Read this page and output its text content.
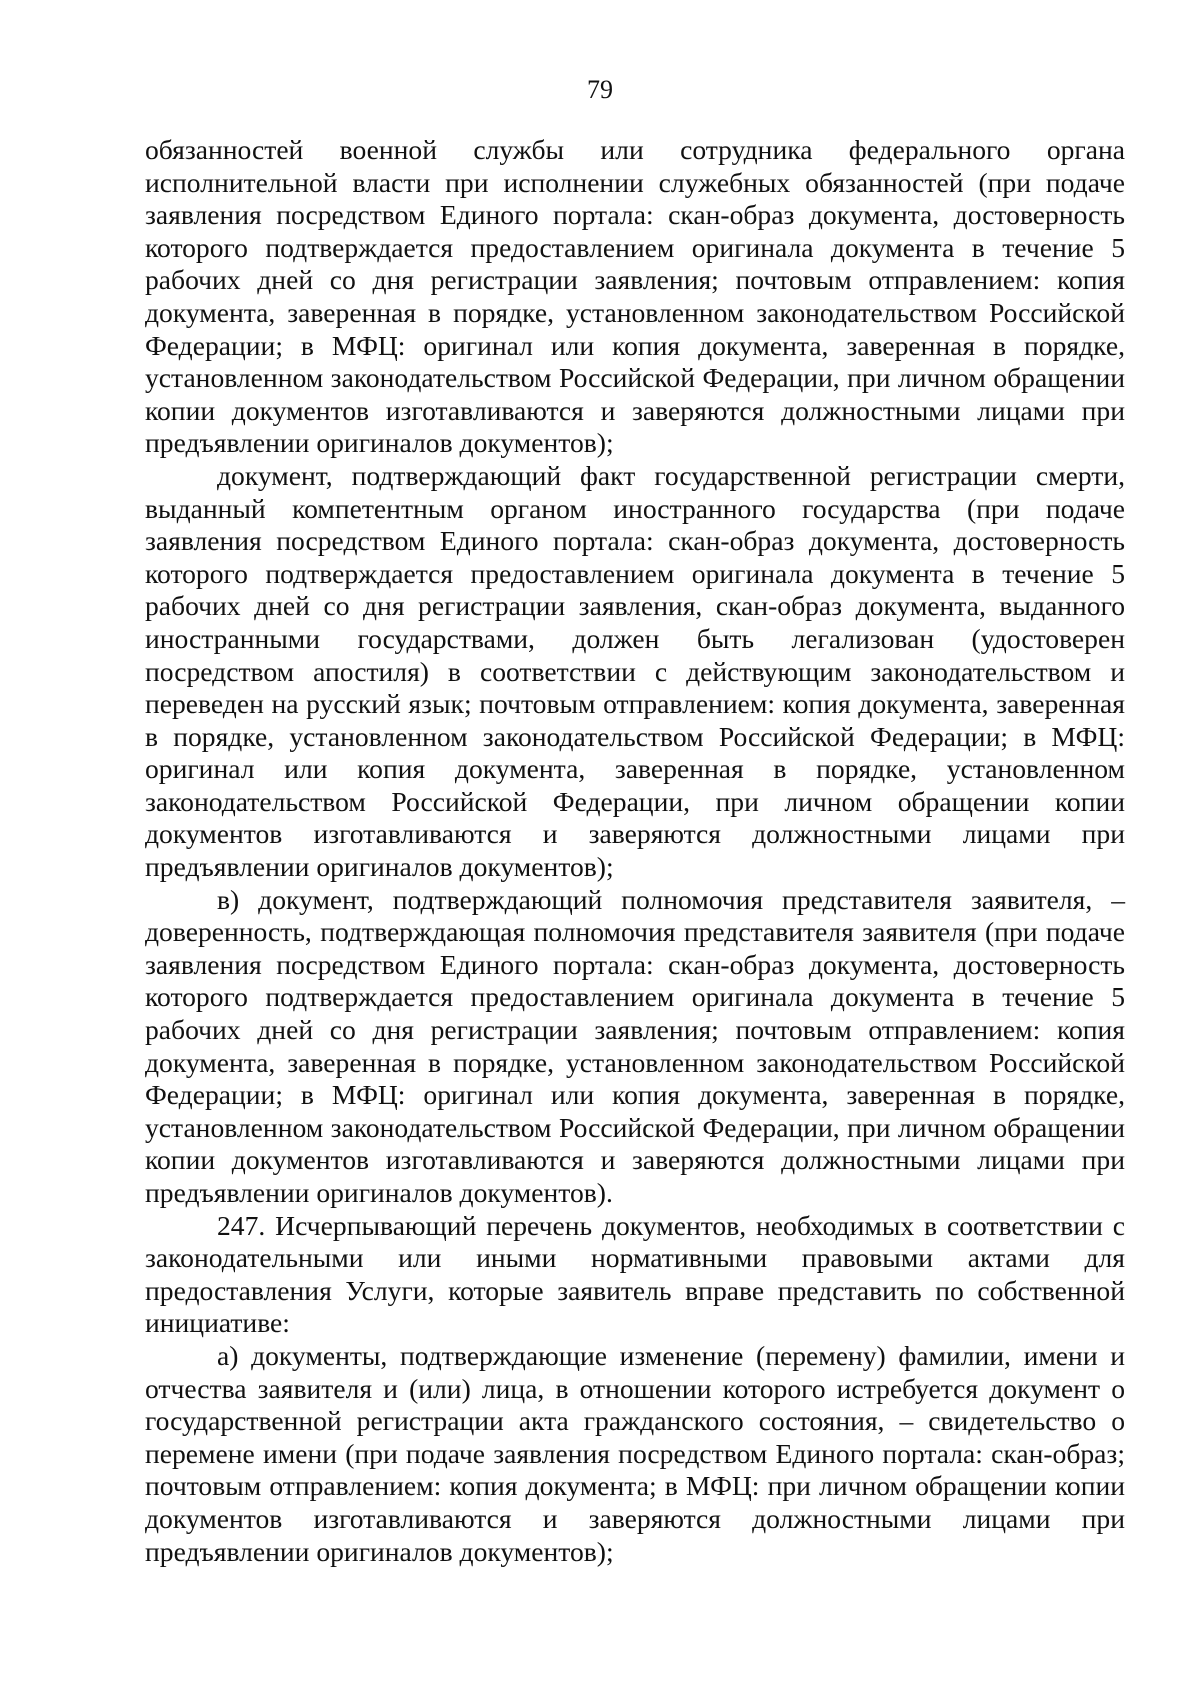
79

обязанностей военной службы или сотрудника федерального органа исполнительной власти при исполнении служебных обязанностей (при подаче заявления посредством Единого портала: скан-образ документа, достоверность которого подтверждается предоставлением оригинала документа в течение 5 рабочих дней со дня регистрации заявления; почтовым отправлением: копия документа, заверенная в порядке, установленном законодательством Российской Федерации; в МФЦ: оригинал или копия документа, заверенная в порядке, установленном законодательством Российской Федерации, при личном обращении копии документов изготавливаются и заверяются должностными лицами при предъявлении оригиналов документов);

документ, подтверждающий факт государственной регистрации смерти, выданный компетентным органом иностранного государства (при подаче заявления посредством Единого портала: скан-образ документа, достоверность которого подтверждается предоставлением оригинала документа в течение 5 рабочих дней со дня регистрации заявления, скан-образ документа, выданного иностранными государствами, должен быть легализован (удостоверен посредством апостиля) в соответствии с действующим законодательством и переведен на русский язык; почтовым отправлением: копия документа, заверенная в порядке, установленном законодательством Российской Федерации; в МФЦ: оригинал или копия документа, заверенная в порядке, установленном законодательством Российской Федерации, при личном обращении копии документов изготавливаются и заверяются должностными лицами при предъявлении оригиналов документов);

в) документ, подтверждающий полномочия представителя заявителя, – доверенность, подтверждающая полномочия представителя заявителя (при подаче заявления посредством Единого портала: скан-образ документа, достоверность которого подтверждается предоставлением оригинала документа в течение 5 рабочих дней со дня регистрации заявления; почтовым отправлением: копия документа, заверенная в порядке, установленном законодательством Российской Федерации; в МФЦ: оригинал или копия документа, заверенная в порядке, установленном законодательством Российской Федерации, при личном обращении копии документов изготавливаются и заверяются должностными лицами при предъявлении оригиналов документов).

247. Исчерпывающий перечень документов, необходимых в соответствии с законодательными или иными нормативными правовыми актами для предоставления Услуги, которые заявитель вправе представить по собственной инициативе:

а) документы, подтверждающие изменение (перемену) фамилии, имени и отчества заявителя и (или) лица, в отношении которого истребуется документ о государственной регистрации акта гражданского состояния, – свидетельство о перемене имени (при подаче заявления посредством Единого портала: скан-образ; почтовым отправлением: копия документа; в МФЦ: при личном обращении копии документов изготавливаются и заверяются должностными лицами при предъявлении оригиналов документов);
